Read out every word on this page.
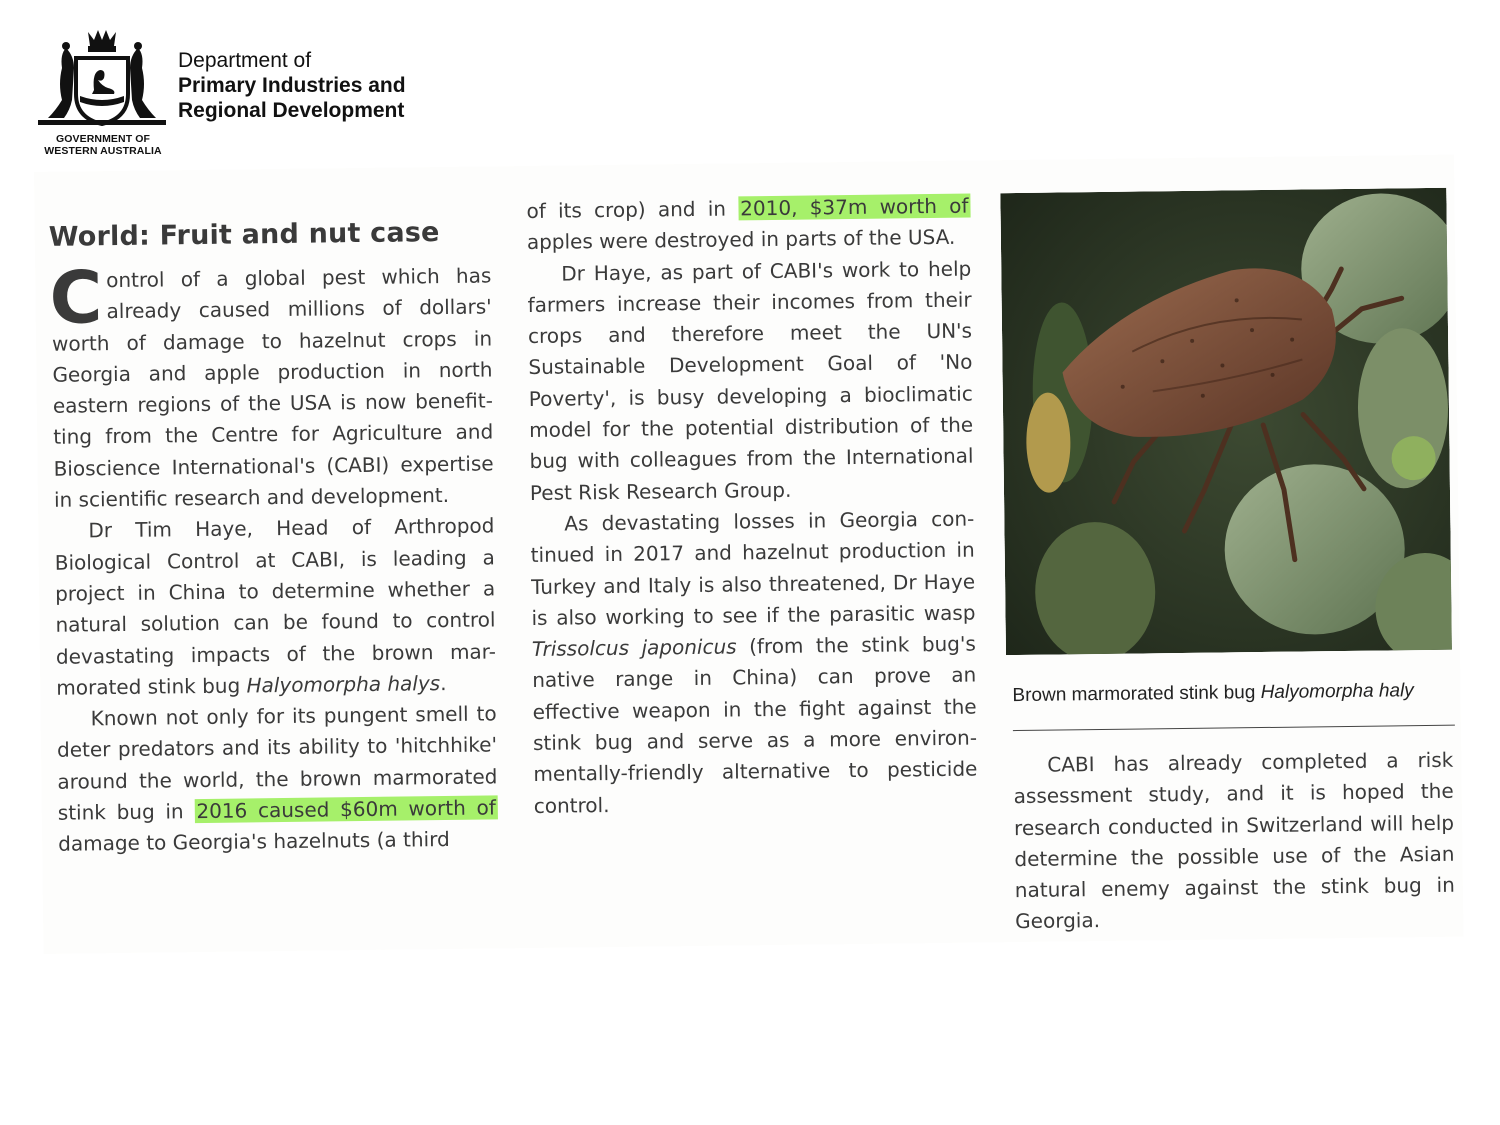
Department of
Primary Industries and
Regional Development
GOVERNMENT OF
WESTERN AUSTRALIA
World: Fruit and nut case

Control of a global pest which has already caused millions of dollars' worth of damage to hazelnut crops in Georgia and apple production in north eastern regions of the USA is now benefit-ting from the Centre for Agriculture and Bioscience International's (CABI) expertise in scientific research and development.

Dr Tim Haye, Head of Arthropod Biological Control at CABI, is leading a project in China to determine whether a natural solution can be found to control devastating impacts of the brown mar-morated stink bug Halyomorpha halys.

Known not only for its pungent smell to deter predators and its ability to 'hitchhike' around the world, the brown marmorated stink bug in 2016 caused $60m worth of damage to Georgia's hazelnuts (a third

of its crop) and in 2010, $37m worth of apples were destroyed in parts of the USA.

Dr Haye, as part of CABI's work to help farmers increase their incomes from their crops and therefore meet the UN's Sustainable Development Goal of 'No Poverty', is busy developing a bioclimatic model for the potential distribution of the bug with colleagues from the International Pest Risk Research Group.

As devastating losses in Georgia con-tinued in 2017 and hazelnut production in Turkey and Italy is also threatened, Dr Haye is also working to see if the parasitic wasp Trissolcus japonicus (from the stink bug's native range in China) can prove an effective weapon in the fight against the stink bug and serve as a more environ-mentally-friendly alternative to pesticide control.

Brown marmorated stink bug Halyomorpha haly

CABI has already completed a risk assessment study, and it is hoped the research conducted in Switzerland will help determine the possible use of the Asian natural enemy against the stink bug in Georgia.
